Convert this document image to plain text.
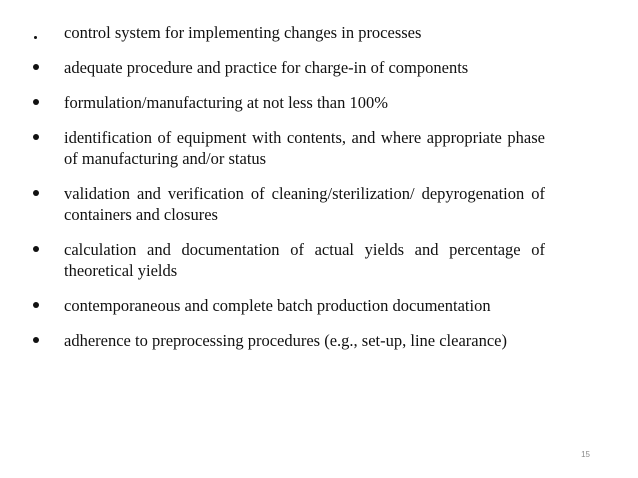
control system for implementing changes in processes
adequate procedure and practice for charge-in of components
formulation/manufacturing at not less than 100%
identification of equipment with contents, and where appropriate phase of manufacturing and/or status
validation and verification of cleaning/sterilization/ depyrogenation of containers and closures
calculation and documentation of actual yields and percentage of theoretical yields
contemporaneous and complete batch production documentation
adherence to preprocessing procedures (e.g., set-up, line clearance)
15
